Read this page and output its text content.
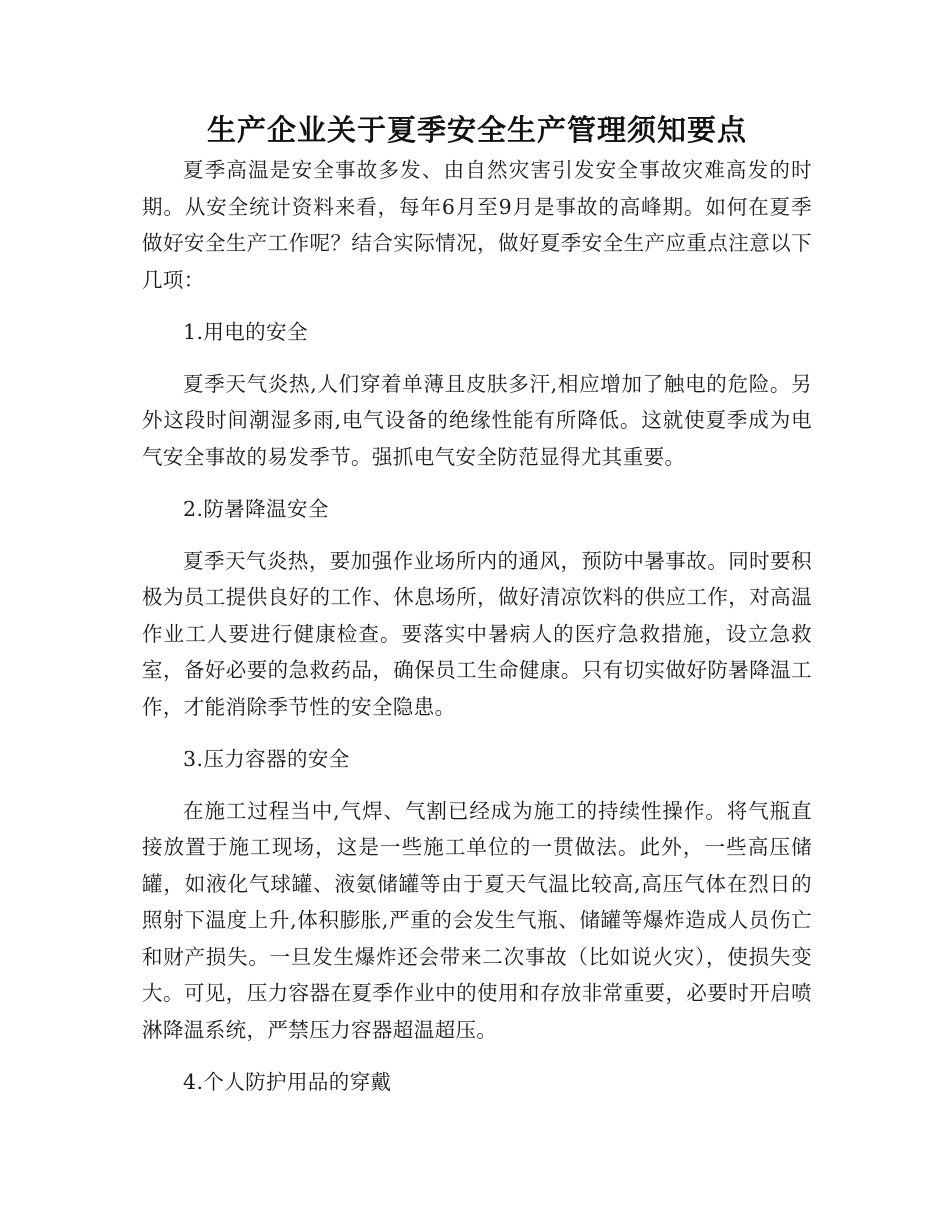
生产企业关于夏季安全生产管理须知要点

夏季高温是安全事故多发、由自然灾害引发安全事故灾难高发的时期。从安全统计资料来看，每年6月至9月是事故的高峰期。如何在夏季做好安全生产工作呢？结合实际情况，做好夏季安全生产应重点注意以下几项：

1.用电的安全

夏季天气炎热,人们穿着单薄且皮肤多汗,相应增加了触电的危险。另外这段时间潮湿多雨,电气设备的绝缘性能有所降低。这就使夏季成为电气安全事故的易发季节。强抓电气安全防范显得尤其重要。

2.防暑降温安全

夏季天气炎热，要加强作业场所内的通风，预防中暑事故。同时要积极为员工提供良好的工作、休息场所，做好清凉饮料的供应工作，对高温作业工人要进行健康检查。要落实中暑病人的医疗急救措施，设立急救室，备好必要的急救药品，确保员工生命健康。只有切实做好防暑降温工作，才能消除季节性的安全隐患。

3.压力容器的安全

在施工过程当中,气焊、气割已经成为施工的持续性操作。将气瓶直接放置于施工现场，这是一些施工单位的一贯做法。此外，一些高压储罐，如液化气球罐、液氨储罐等由于夏天气温比较高,高压气体在烈日的照射下温度上升,体积膨胀,严重的会发生气瓶、储罐等爆炸造成人员伤亡和财产损失。一旦发生爆炸还会带来二次事故（比如说火灾），使损失变大。可见，压力容器在夏季作业中的使用和存放非常重要，必要时开启喷淋降温系统，严禁压力容器超温超压。

4.个人防护用品的穿戴
